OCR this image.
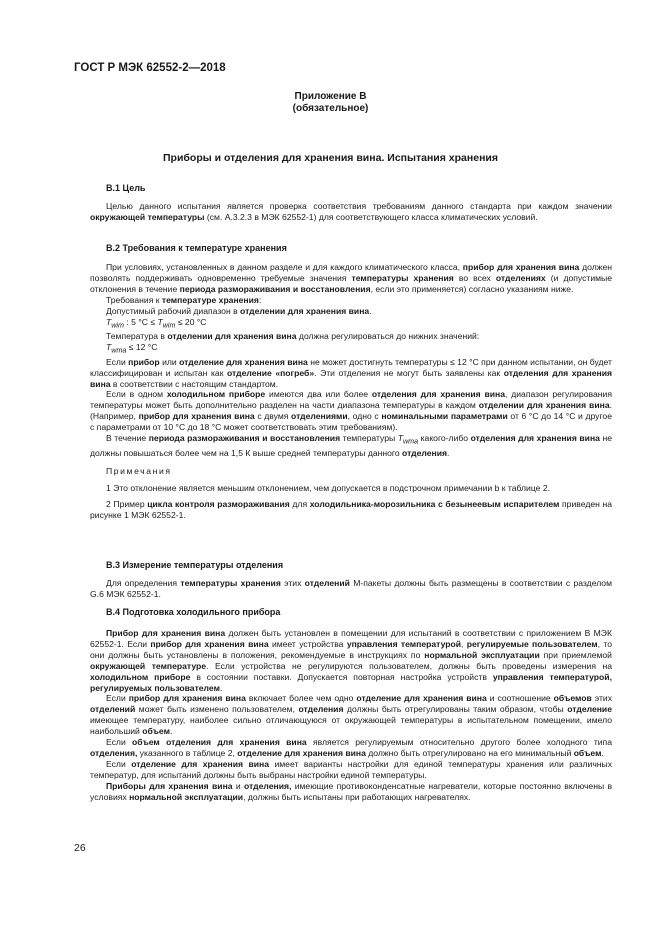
ГОСТ Р МЭК 62552-2—2018
Приложение B
(обязательное)
Приборы и отделения для хранения вина. Испытания хранения
B.1 Цель

Целью данного испытания является проверка соответствия требованиям данного стандарта при каждом значении окружающей температуры (см. А.3.2.3 в МЭК 62552-1) для соответствующего класса климатических условий.

B.2 Требования к температуре хранения

При условиях, установленных в данном разделе и для каждого климатического класса, прибор для хранения вина должен позволять поддерживать одновременно требуемые значения температуры хранения во всех отделениях (и допустимые отклонения в течение периода размораживания и восстановления, если это применяется) согласно указаниям ниже.

Требования к температуре хранения:

Допустимый рабочий диапазон в отделении для хранения вина.

$T_{wim}$ : 5 $^\circ C \le T_{wim} \le 20$ °C

Температура в отделении для хранения вина должна регулироваться до нижних значений:

$T_{wma} \le 12$ °C

Если прибор или отделение для хранения вина не может достигнуть температуры ≤ 12 °C при данном испытании, он будет классифицирован и испытан как отделение «погреб». Эти отделения не могут быть заявлены как отделения для хранения вина в соответствии с настоящим стандартом.

Если в одном холодильном приборе имеются два или более отделения для хранения вина, диапазон регулирования температуры может быть дополнительно разделен на части диапазона температуры в каждом отделении для хранения вина. (Например, прибор для хранения вина с двумя отделениями, одно с номинальными параметрами от 6 °C до 14 °C и другое с параметрами от 10 °C до 18 °C может соответствовать этим требованиям).

В течение периода размораживания и восстановления температуры $T_{wma}$ какого-либо отделения для хранения вина не должны повышаться более чем на 1,5 К выше средней температуры данного отделения.

Примечания

1 Это отклонение является меньшим отклонением, чем допускается в подстрочном примечании b к таблице 2.

2 Пример цикла контроля размораживания для холодильника-морозильника с безынеевым испарителем приведен на рисунке 1 МЭК 62552-1.

B.3 Измерение температуры отделения

Для определения температуры хранения этих отделений М-пакеты должны быть размещены в соответствии с разделом G.6 МЭК 62552-1.

B.4 Подготовка холодильного прибора

Прибор для хранения вина должен быть установлен в помещении для испытаний в соответствии с приложением В МЭК 62552-1. Если прибор для хранения вина имеет устройства управления температурой, регулируемые пользователем, то они должны быть установлены в положения, рекомендуемые в инструкциях по нормальной эксплуатации при приемлемой окружающей температуре. Если устройства не регулируются пользователем, должны быть проведены измерения на холодильном приборе в состоянии поставки. Допускается повторная настройка устройств управления температурой, регулируемых пользователем.

Если прибор для хранения вина включает более чем одно отделение для хранения вина и соотношение объемов этих отделений может быть изменено пользователем, отделения должны быть отрегулированы таким образом, чтобы отделение имеющее температуру, наиболее сильно отличающуюся от окружающей температуры в испытательном помещении, имело наибольший объем.

Если объем отделения для хранения вина является регулируемым относительно другого более холодного типа отделения, указанного в таблице 2, отделение для хранения вина должно быть отрегулировано на его минимальный объем.

Если отделение для хранения вина имеет варианты настройки для единой температуры хранения или различных температур, для испытаний должны быть выбраны настройки единой температуры.

Приборы для хранения вина и отделения, имеющие противоконденсатные нагреватели, которые постоянно включены в условиях нормальной эксплуатации, должны быть испытаны при работающих нагревателях.

26
